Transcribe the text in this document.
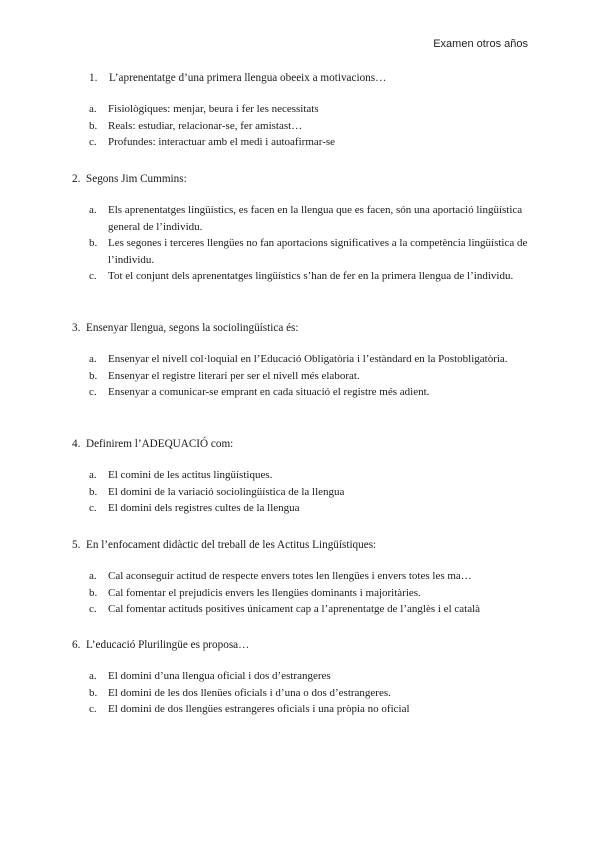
Examen otros años
1. L’aprenentatge d’una primera llengua obeeix a motivacions…
a.	Fisiològiques: menjar, beura i fer les necessitats
b. Reals: estudiar, relacionar-se, fer amistast…
c.	Profundes: interactuar amb el medi i autoafirmar-se
2. Segons Jim Cummins:
a.	Els aprenentatges lingüístics, es facen en la llengua que es facen, són una aportació lingüística general de l’individu.
b. Les segones i terceres llengües no fan aportacions significatives a la competència lingüística de l’individu.
c.	Tot el conjunt dels aprenentatges lingüístics s’han de fer en la primera llengua de l’individu.
3. Ensenyar llengua, segons la sociolingüística és:
a.	Ensenyar el nivell col·loquial en l’Educació Obligatòria i l’estàndard en la Postobligatòria.
b. Ensenyar el registre literari per ser el nivell més elaborat.
c.	Ensenyar a comunicar-se emprant en cada situació el registre més adient.
4. Definirem l’ADEQUACIÓ com:
a.	El comini de les actitus lingüístiques.
b. El domini de la variació sociolingüística de la llengua
c.	El domini dels registres cultes de la llengua
5. En l’enfocament didàctic del treball de les Actitus Lingüístiques:
a.	Cal aconseguir actitud de respecte envers totes len llengües i envers totes les ma…
b. Cal fomentar el prejudicis envers les llengües dominants i majoritàries.
c.	Cal fomentar actituds positives únicament cap a l’aprenentatge de l’anglès i el català
6. L’educació Plurilingüe es proposa…
a.	El domini d’una llengua oficial i dos d’estrangeres
b. El domini de les dos llenües oficials i d’una o dos d’estrangeres.
c.	El domini de dos llengües estrangeres oficials i una pròpia no oficial
